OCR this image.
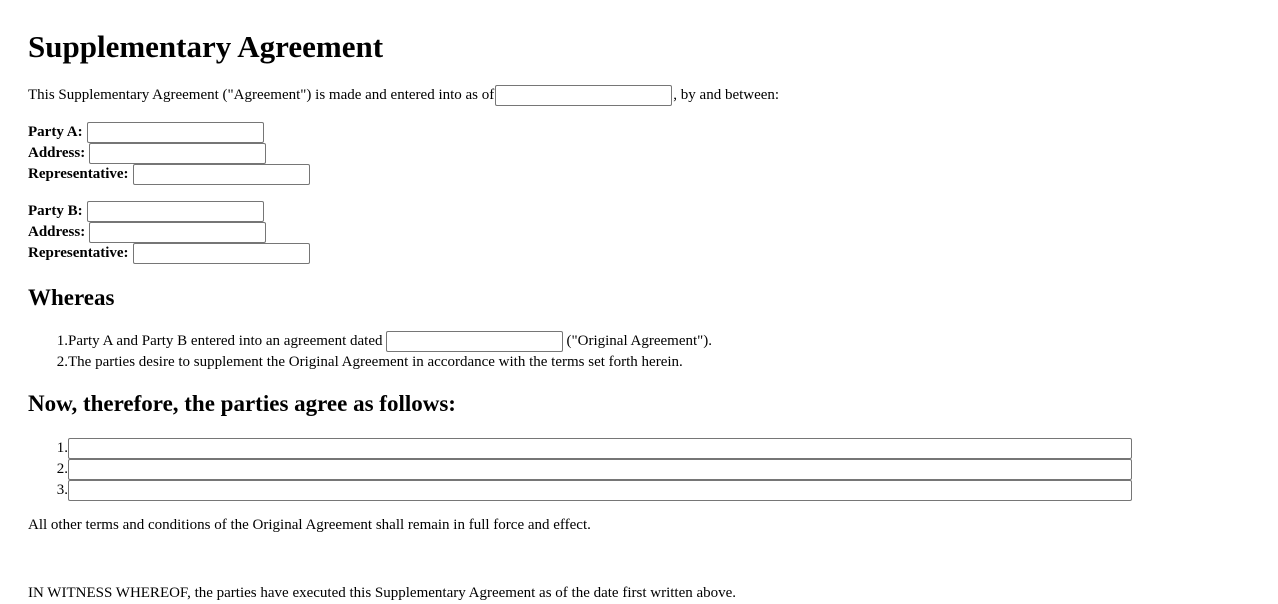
Supplementary Agreement
This Supplementary Agreement ("Agreement") is made and entered into as of	, by and between:
Party A:
Address:
Representative:
Party B:
Address:
Representative:
Whereas
1. Party A and Party B entered into an agreement dated	("Original Agreement").
2. The parties desire to supplement the Original Agreement in accordance with the terms set forth herein.
Now, therefore, the parties agree as follows:
1.
2.
3.
All other terms and conditions of the Original Agreement shall remain in full force and effect.
IN WITNESS WHEREOF, the parties have executed this Supplementary Agreement as of the date first written above.
